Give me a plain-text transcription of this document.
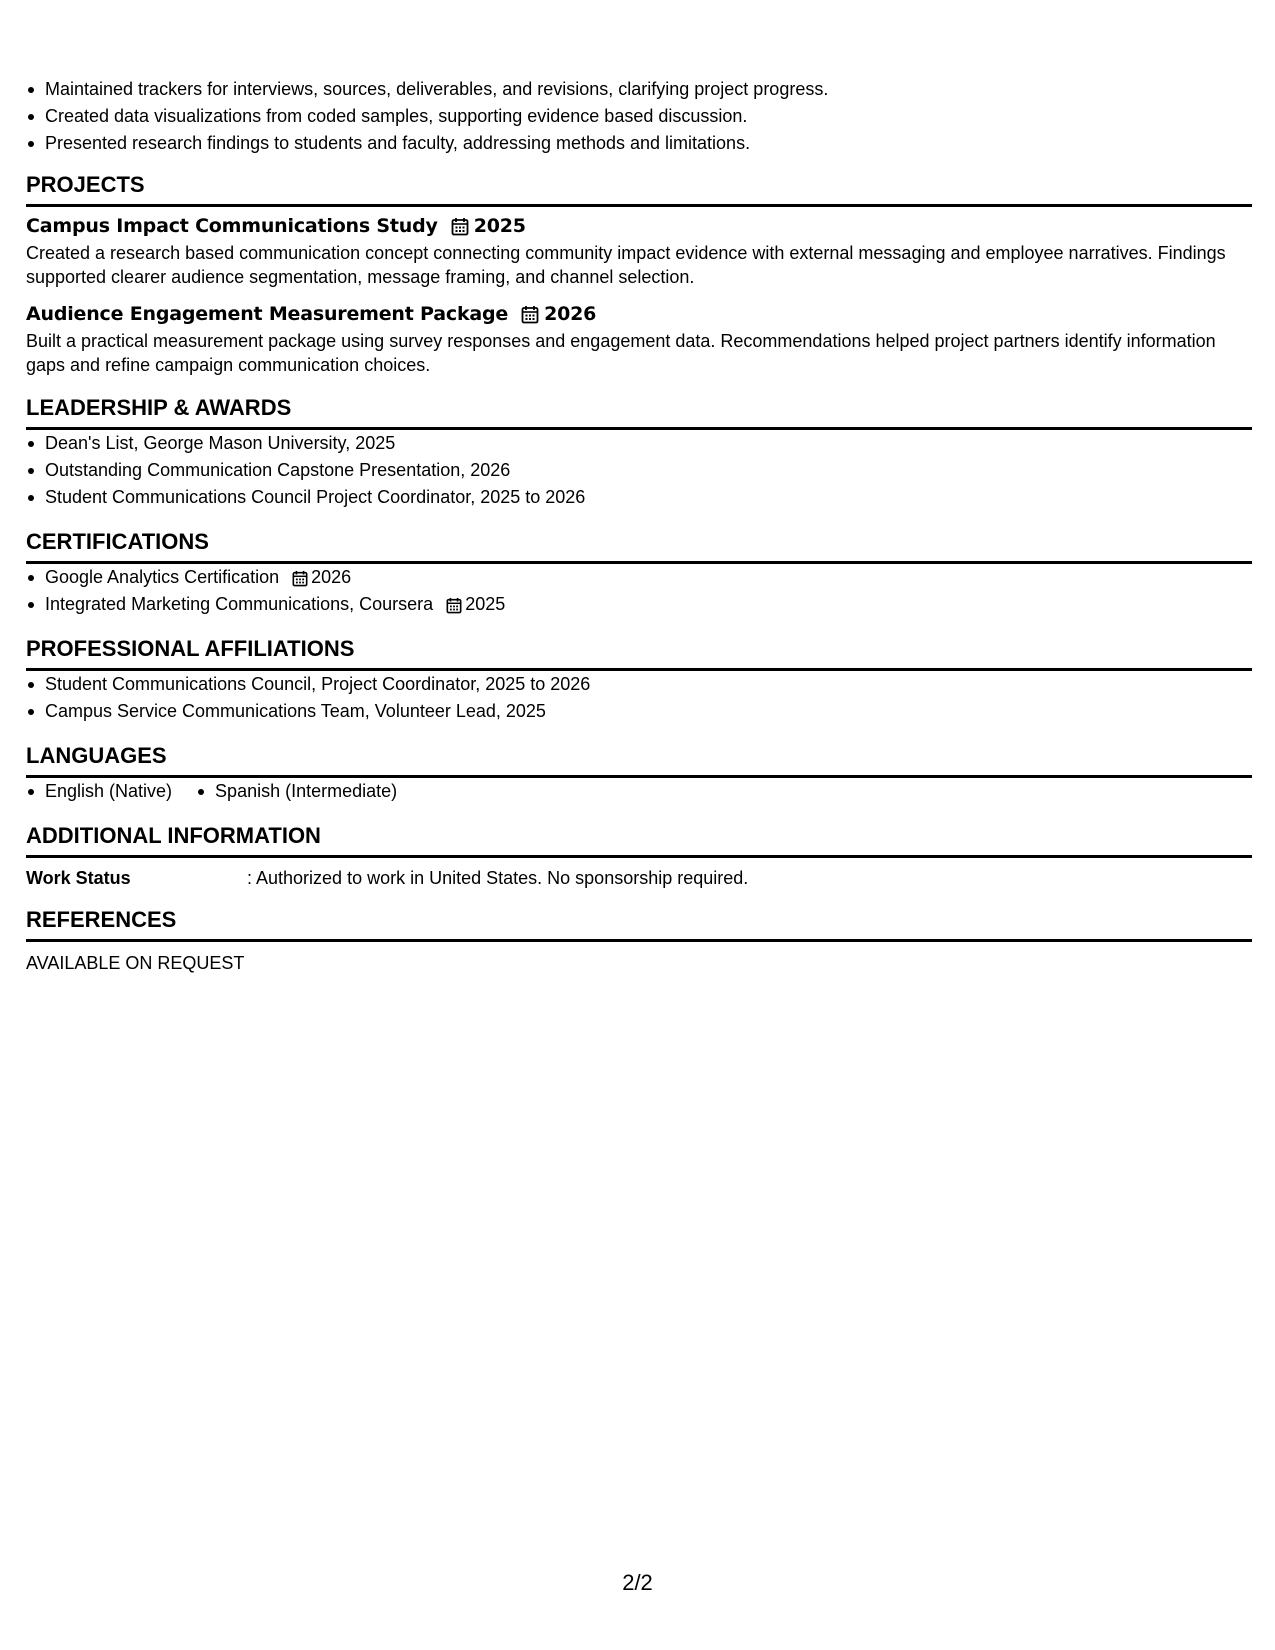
Maintained trackers for interviews, sources, deliverables, and revisions, clarifying project progress.
Created data visualizations from coded samples, supporting evidence based discussion.
Presented research findings to students and faculty, addressing methods and limitations.
PROJECTS
Campus Impact Communications Study 2025
Created a research based communication concept connecting community impact evidence with external messaging and employee narratives. Findings supported clearer audience segmentation, message framing, and channel selection.
Audience Engagement Measurement Package 2026
Built a practical measurement package using survey responses and engagement data. Recommendations helped project partners identify information gaps and refine campaign communication choices.
LEADERSHIP & AWARDS
Dean's List, George Mason University, 2025
Outstanding Communication Capstone Presentation, 2026
Student Communications Council Project Coordinator, 2025 to 2026
CERTIFICATIONS
Google Analytics Certification 2026
Integrated Marketing Communications, Coursera 2025
PROFESSIONAL AFFILIATIONS
Student Communications Council, Project Coordinator, 2025 to 2026
Campus Service Communications Team, Volunteer Lead, 2025
LANGUAGES
English (Native)	Spanish (Intermediate)
ADDITIONAL INFORMATION
Work Status	: Authorized to work in United States. No sponsorship required.
REFERENCES
AVAILABLE ON REQUEST
2/2
